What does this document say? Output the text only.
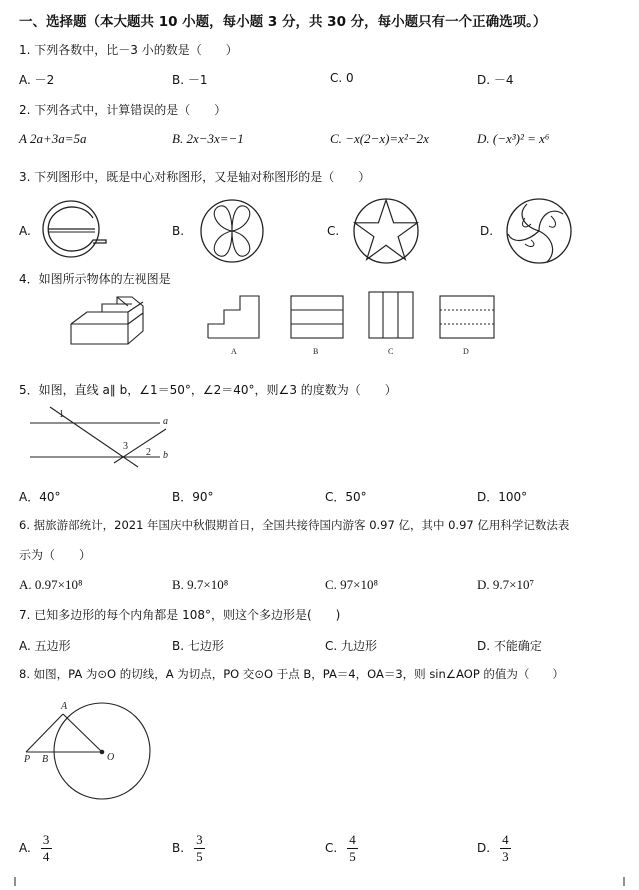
一、选择题（本大题共 10 小题，每小题 3 分，共 30 分，每小题只有一个正确选项。）
1. 下列各数中，比－3 小的数是（　　）
A. －2	B. －1	C. 0	D. －4
2. 下列各式中，计算错误的是（　　）
A 2a+3a=5a	B. 2x−3x=−1	C. −x(2−x)=x²−2x	D. (−x³)² = x⁶
3. 下列图形中，既是中心对称图形，又是轴对称图形的是（　　）
A.	B.	C.	D.
4．如图所示物体的左视图是
A	B	C	D
5．如图，直线 a∥ b，∠1＝50°，∠2＝40°，则∠3 的度数为（　　）
1
a
3
2 b
A．40°	B．90°	C．50°	D．100°
6. 据旅游部统计，2021 年国庆中秋假期首日，全国共接待国内游客 0.97 亿，其中 0.97 亿用科学记数法表
示为（　　）
A. 0.97×10⁸	B. 9.7×10⁸	C. 97×10⁸	D. 9.7×10⁷
7. 已知多边形的每个内角都是 108°，则这个多边形是(　　)
A. 五边形	B. 七边形	C. 九边形	D. 不能确定
8. 如图，PA 为⊙O 的切线，A 为切点，PO 交⊙O 于点 B，PA＝4，OA＝3，则 sin∠AOP 的值为（　　）
A
P B	O
A. $\frac{3}{4}$	B. $\frac{3}{5}$	C. $\frac{4}{5}$	D. $\frac{4}{3}$
